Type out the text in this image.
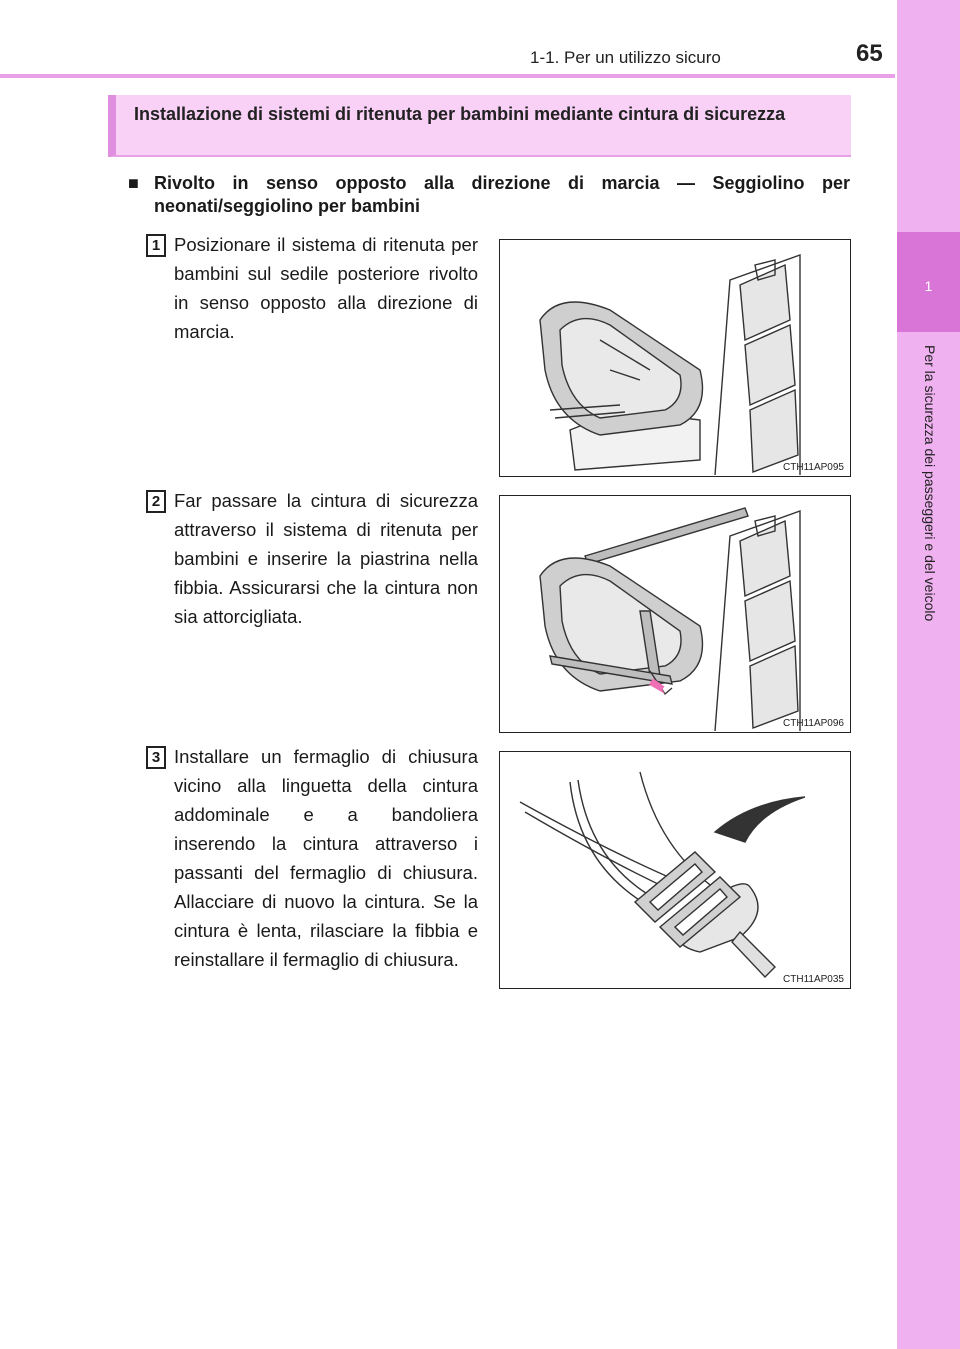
1-1. Per un utilizzo sicuro	65
1
Per la sicurezza dei passeggeri e del veicolo
Installazione di sistemi di ritenuta per bambini mediante cintura di sicurezza
■ Rivolto in senso opposto alla direzione di marcia — Seggiolino per
neonati/seggiolino per bambini
1 Posizionare il sistema di ritenuta per bambini sul sedile posteriore rivolto in senso opposto alla direzione di marcia.
CTH11AP095
2 Far passare la cintura di sicurezza attraverso il sistema di ritenuta per bambini e inserire la piastrina nella fibbia. Assicurarsi che la cintura non sia attorcigliata.
CTH11AP096
3 Installare un fermaglio di chiusura vicino alla linguetta della cintura addominale e a bandoliera inserendo la cintura attraverso i passanti del fermaglio di chiusura. Allacciare di nuovo la cintura. Se la cintura è lenta, rilasciare la fibbia e reinstallare il fermaglio di chiusura.
CTH11AP035
